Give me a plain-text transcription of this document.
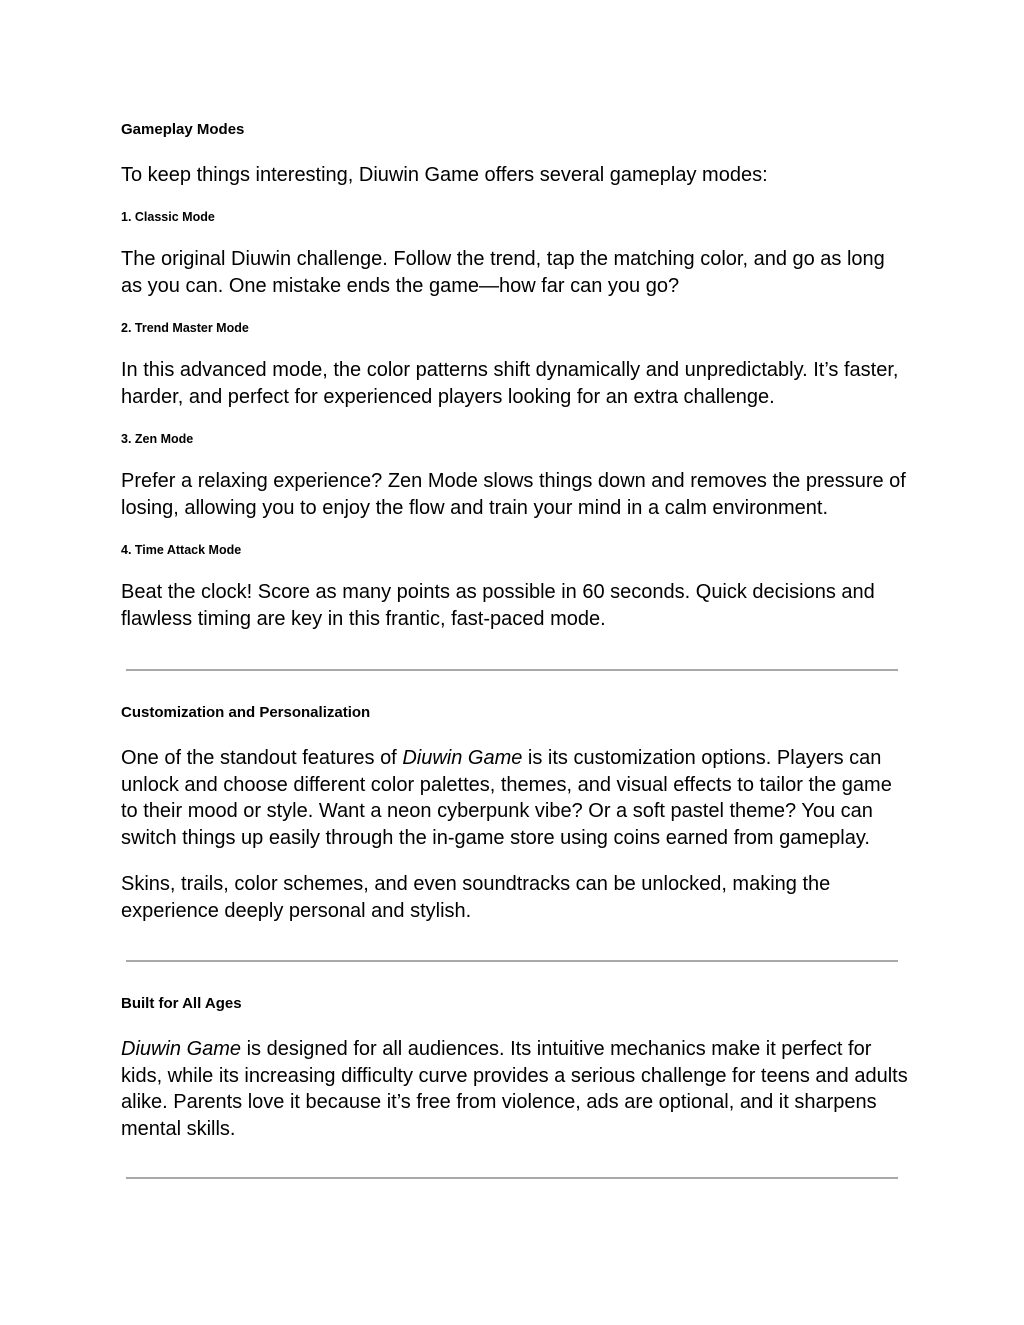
Gameplay Modes

To keep things interesting, Diuwin Game offers several gameplay modes:

1. Classic Mode

The original Diuwin challenge. Follow the trend, tap the matching color, and go as long as you can. One mistake ends the game—how far can you go?

2. Trend Master Mode

In this advanced mode, the color patterns shift dynamically and unpredictably. It’s faster, harder, and perfect for experienced players looking for an extra challenge.

3. Zen Mode

Prefer a relaxing experience? Zen Mode slows things down and removes the pressure of losing, allowing you to enjoy the flow and train your mind in a calm environment.

4. Time Attack Mode

Beat the clock! Score as many points as possible in 60 seconds. Quick decisions and flawless timing are key in this frantic, fast-paced mode.

Customization and Personalization

One of the standout features of Diuwin Game is its customization options. Players can unlock and choose different color palettes, themes, and visual effects to tailor the game to their mood or style. Want a neon cyberpunk vibe? Or a soft pastel theme? You can switch things up easily through the in-game store using coins earned from gameplay.

Skins, trails, color schemes, and even soundtracks can be unlocked, making the experience deeply personal and stylish.

Built for All Ages

Diuwin Game is designed for all audiences. Its intuitive mechanics make it perfect for kids, while its increasing difficulty curve provides a serious challenge for teens and adults alike. Parents love it because it’s free from violence, ads are optional, and it sharpens mental skills.
